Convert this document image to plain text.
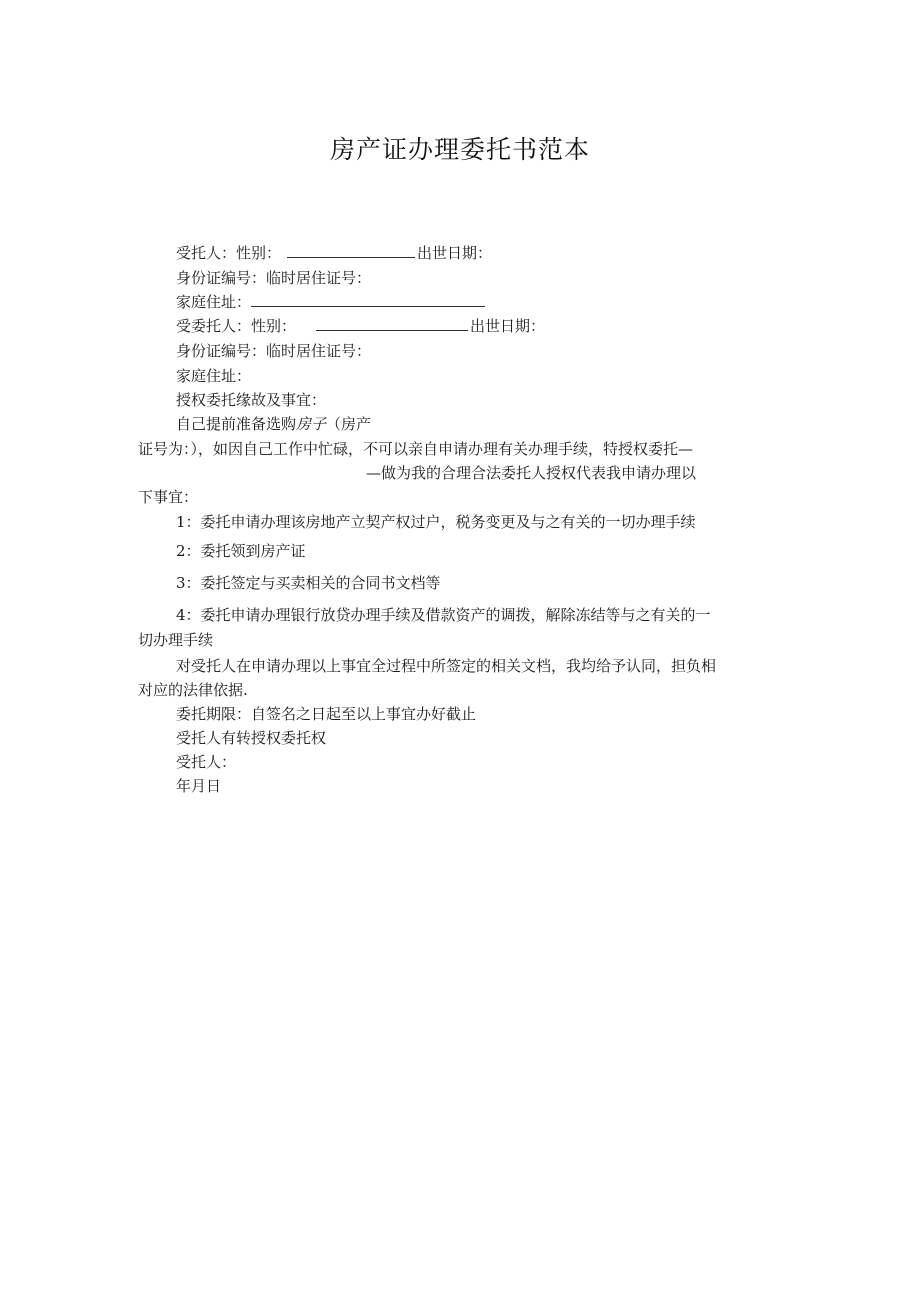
房产证办理委托书范本
受托人：性别：	出世日期：
身份证编号：临时居住证号：
家庭住址：
受委托人：性别：	出世日期：
身份证编号：临时居住证号：
家庭住址：
授权委托缘故及事宜：
自己提前准备选购房子（房产
证号为：），如因自己工作中忙碌，不可以亲自申请办理有关办理手续，特授权委托—
—做为我的合理合法委托人授权代表我申请办理以
下事宜：
1：委托申请办理该房地产立契产权过户，税务变更及与之有关的一切办理手续
2：委托领到房产证
3：委托签定与买卖相关的合同书文档等
4：委托申请办理银行放贷办理手续及借款资产的调拨，解除冻结等与之有关的一
切办理手续
对受托人在申请办理以上事宜全过程中所签定的相关文档，我均给予认同，担负相
对应的法律依据.
委托期限：自签名之日起至以上事宜办好截止
受托人有转授权委托权
受托人：
年月日
